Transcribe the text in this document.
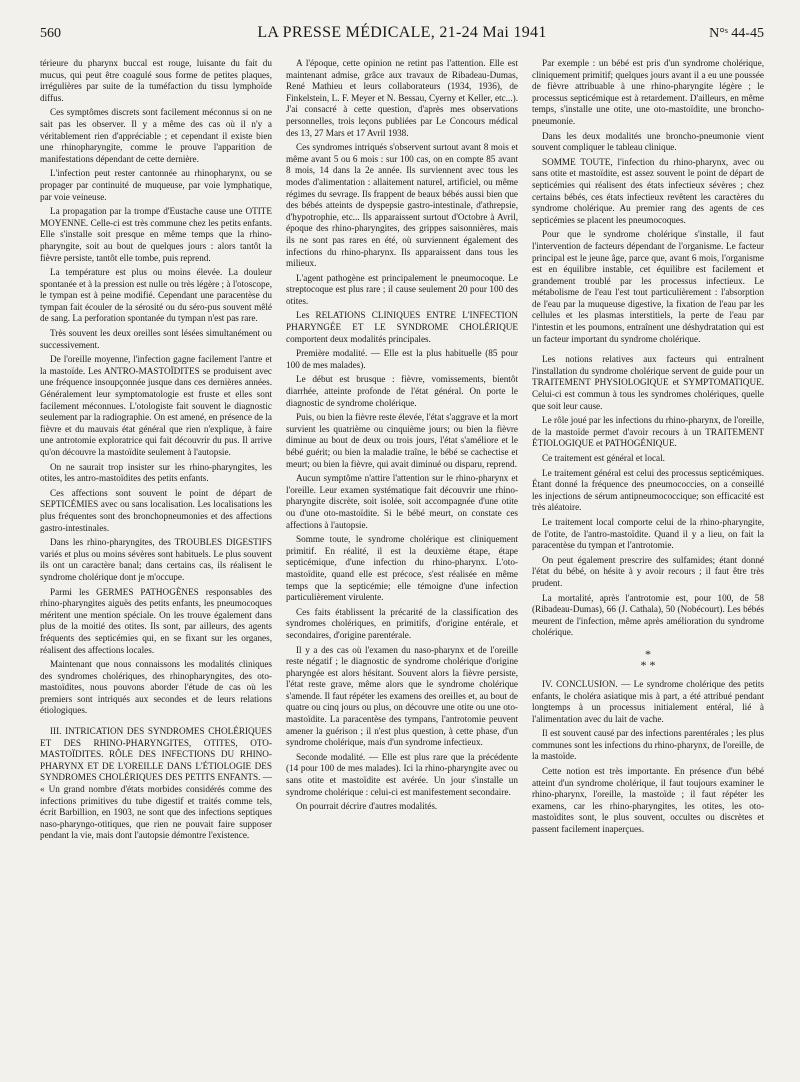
560	LA PRESSE MÉDICALE, 21-24 Mai 1941	N°ˢ 44-45

térieure du pharynx buccal est rouge, luisante du fait du mucus, qui peut être coagulé sous forme de petites plaques, irrégulières par suite de la tuméfaction du tissu lymphoïde diffus.

Ces symptômes discrets sont facilement méconnus si on ne sait pas les observer. Il y a même des cas où il n'y a véritablement rien d'appréciable ; et cependant il existe bien une rhinopharyngite, comme le prouve l'apparition de manifestations dépendant de cette dernière.

L'infection peut rester cantonnée au rhinopharynx, ou se propager par continuité de muqueuse, par voie lymphatique, par voie veineuse.

La propagation par la trompe d'Eustache cause une OTITE MOYENNE. Celle-ci est très commune chez les petits enfants. Elle s'installe soit presque en même temps que la rhino-pharyngite, soit au bout de quelques jours : alors tantôt la fièvre persiste, tantôt elle tombe, puis reprend.

La température est plus ou moins élevée. La douleur spontanée et à la pression est nulle ou très légère ; à l'otoscope, le tympan est à peine modifié. Cependant une paracentèse du tympan fait écouler de la sérosité ou du séro-pus souvent mêlé de sang. La perforation spontanée du tympan n'est pas rare.

Très souvent les deux oreilles sont lésées simultanément ou successivement.

De l'oreille moyenne, l'infection gagne facilement l'antre et la mastoïde. Les ANTRO-MASTOÏDITES se produisent avec une fréquence insoupçonnée jusque dans ces dernières années. Généralement leur symptomatologie est fruste et elles sont facilement méconnues. L'otologiste fait souvent le diagnostic seulement par la radiographie. On est amené, en présence de la fièvre et du mauvais état général que rien n'explique, à faire une antrotomie exploratrice qui fait découvrir du pus. Il arrive qu'on découvre la mastoïdite seulement à l'autopsie.

On ne saurait trop insister sur les rhino-pharyngites, les otites, les antro-mastoïdites des petits enfants.

Ces affections sont souvent le point de départ de SEPTICÉMIES avec ou sans localisation. Les localisations les plus fréquentes sont des bronchopneumonies et des affections gastro-intestinales.

Dans les rhino-pharyngites, des TROUBLES DIGESTIFS variés et plus ou moins sévères sont habituels. Le plus souvent ils ont un caractère banal; dans certains cas, ils réalisent le syndrome cholérique dont je m'occupe.

Parmi les GERMES PATHOGÈNES responsables des rhino-pharyngites aiguës des petits enfants, les pneumocoques méritent une mention spéciale. On les trouve également dans plus de la moitié des otites. Ils sont, par ailleurs, des agents fréquents des septicémies qui, en se fixant sur les organes, réalisent des affections locales.

Maintenant que nous connaissons les modalités cliniques des syndromes cholériques, des rhinopharyngites, des oto-mastoïdites, nous pouvons aborder l'étude de cas où les premiers sont intriqués aux secondes et de leurs relations étiologiques.

III. INTRICATION DES SYNDROMES CHOLÉRIQUES ET DES RHINO-PHARYNGITES, OTITES, OTO-MASTOÏDITES. RÔLE DES INFECTIONS DU RHINO-PHARYNX ET DE L'OREILLE DANS L'ÉTIOLOGIE DES SYNDROMES CHOLÉRIQUES DES PETITS ENFANTS. — « Un grand nombre d'états morbides considérés comme des infections primitives du tube digestif et traités comme tels, écrit Barbillion, en 1903, ne sont que des infections septiques naso-pharyngo-otitiques, que rien ne pouvait faire supposer pendant la vie, mais dont l'autopsie démontre l'existence.

A l'époque, cette opinion ne retint pas l'attention. Elle est maintenant admise, grâce aux travaux de Ribadeau-Dumas, René Mathieu et leurs collaborateurs (1934, 1936), de Finkelstein, L. F. Meyer et N. Bessau, Cyerny et Keller, etc...). J'ai consacré à cette question, d'après mes observations personnelles, trois leçons publiées par Le Concours médical des 13, 27 Mars et 17 Avril 1938.

Ces syndromes intriqués s'observent surtout avant 8 mois et même avant 5 ou 6 mois : sur 100 cas, on en compte 85 avant 8 mois, 14 dans la 2e année. Ils surviennent avec tous les modes d'alimentation : allaitement naturel, artificiel, ou même régimes du sevrage. Ils frappent de beaux bébés aussi bien que des bébés atteints de dyspepsie gastro-intestinale, d'athrepsie, d'hypotrophie, etc... Ils apparaissent surtout d'Octobre à Avril, époque des rhino-pharyngites, des grippes saisonnières, mais ils ne sont pas rares en été, où surviennent également des infections du rhino-pharynx. Ils apparaissent dans tous les milieux.

L'agent pathogène est principalement le pneumocoque. Le streptocoque est plus rare ; il cause seulement 20 pour 100 des otites.

Les RELATIONS CLINIQUES ENTRE L'INFECTION PHARYNGÉE ET LE SYNDROME CHOLÉRIQUE comportent deux modalités principales.

Première modalité. — Elle est la plus habituelle (85 pour 100 de mes malades).

Le début est brusque : fièvre, vomissements, bientôt diarrhée, atteinte profonde de l'état général. On porte le diagnostic de syndrome cholérique.

Puis, ou bien la fièvre reste élevée, l'état s'aggrave et la mort survient les quatrième ou cinquième jours; ou bien la fièvre diminue au bout de deux ou trois jours, l'état s'améliore et le bébé guérit; ou bien la maladie traîne, le bébé se cachectise et meurt; ou bien la fièvre, qui avait diminué ou disparu, reprend.

Aucun symptôme n'attire l'attention sur le rhino-pharynx et l'oreille. Leur examen systématique fait découvrir une rhino-pharyngite discrète, soit isolée, soit accompagnée d'une otite ou d'une oto-mastoïdite. Si le bébé meurt, on constate ces affections à l'autopsie.

Somme toute, le syndrome cholérique est cliniquement primitif. En réalité, il est la deuxième étape, étape septicémique, d'une infection du rhino-pharynx. L'oto-mastoïdite, quand elle est précoce, s'est réalisée en même temps que la septicémie; elle témoigne d'une infection particulièrement virulente.

Ces faits établissent la précarité de la classification des syndromes cholériques, en primitifs, d'origine entérale, et secondaires, d'origine parentérale.

Il y a des cas où l'examen du naso-pharynx et de l'oreille reste négatif ; le diagnostic de syndrome cholérique d'origine pharyngée est alors hésitant. Souvent alors la fièvre persiste, l'état reste grave, même alors que le syndrome cholérique s'amende. Il faut répéter les examens des oreilles et, au bout de quatre ou cinq jours ou plus, on découvre une otite ou une oto-mastoïdite. La paracentèse des tympans, l'antrotomie peuvent amener la guérison ; il n'est plus question, à cette phase, d'un syndrome cholérique, mais d'un syndrome infectieux.

Seconde modalité. — Elle est plus rare que la précédente (14 pour 100 de mes malades). Ici la rhino-pharyngite avec ou sans otite et mastoïdite est avérée. Un jour s'installe un syndrome cholérique : celui-ci est manifestement secondaire.

On pourrait décrire d'autres modalités.

Par exemple : un bébé est pris d'un syndrome cholérique, cliniquement primitif; quelques jours avant il a eu une poussée de fièvre attribuable à une rhino-pharyngite légère ; le processus septicémique est à retardement. D'ailleurs, en même temps, s'installe une otite, une oto-mastoïdite, une broncho-pneumonie.

Dans les deux modalités une broncho-pneumonie vient souvent compliquer le tableau clinique.

SOMME TOUTE, l'infection du rhino-pharynx, avec ou sans otite et mastoïdite, est assez souvent le point de départ de septicémies qui réalisent des états infectieux sévères ; chez certains bébés, ces états infectieux revêtent les caractères du syndrome cholérique. Au premier rang des agents de ces septicémies se placent les pneumocoques.

Pour que le syndrome cholérique s'installe, il faut l'intervention de facteurs dépendant de l'organisme. Le facteur principal est le jeune âge, parce que, avant 6 mois, l'organisme est en équilibre instable, cet équilibre est facilement et grandement troublé par les processus infectieux. Le métabolisme de l'eau l'est tout particulièrement : l'absorption de l'eau par la muqueuse digestive, la fixation de l'eau par les cellules et les plasmas interstitiels, la perte de l'eau par l'intestin et les poumons, entraînent une déshydratation qui est un facteur important du syndrome cholérique.

Les notions relatives aux facteurs qui entraînent l'installation du syndrome cholérique servent de guide pour un TRAITEMENT PHYSIOLOGIQUE et SYMPTOMATIQUE. Celui-ci est commun à tous les syndromes cholériques, quelle que soit leur cause.

Le rôle joué par les infections du rhino-pharynx, de l'oreille, de la mastoïde permet d'avoir recours à un TRAITEMENT ÉTIOLOGIQUE et PATHOGÉNIQUE.

Ce traitement est général et local.

Le traitement général est celui des processus septicémiques. Étant donné la fréquence des pneumococcies, on a conseillé les injections de sérum antipneumococcique; son efficacité est très aléatoire.

Le traitement local comporte celui de la rhino-pharyngite, de l'otite, de l'antro-mastoïdite. Quand il y a lieu, on fait la paracentèse du tympan et l'antrotomie.

On peut également prescrire des sulfamides; étant donné l'état du bébé, on hésite à y avoir recours ; il faut être très prudent.

La mortalité, après l'antrotomie est, pour 100, de 58 (Ribadeau-Dumas), 66 (J. Cathala), 50 (Nobécourt). Les bébés meurent de l'infection, même après amélioration du syndrome cholérique.

*
* *

IV. CONCLUSION. — Le syndrome cholérique des petits enfants, le choléra asiatique mis à part, a été attribué pendant longtemps à un processus initialement entéral, lié à l'alimentation avec du lait de vache.

Il est souvent causé par des infections parentérales ; les plus communes sont les infections du rhino-pharynx, de l'oreille, de la mastoïde.

Cette notion est très importante. En présence d'un bébé atteint d'un syndrome cholérique, il faut toujours examiner le rhino-pharynx, l'oreille, la mastoïde ; il faut répéter les examens, car les rhino-pharyngites, les otites, les oto-mastoïdites sont, le plus souvent, occultes ou discrètes et passent facilement inaperçues.
